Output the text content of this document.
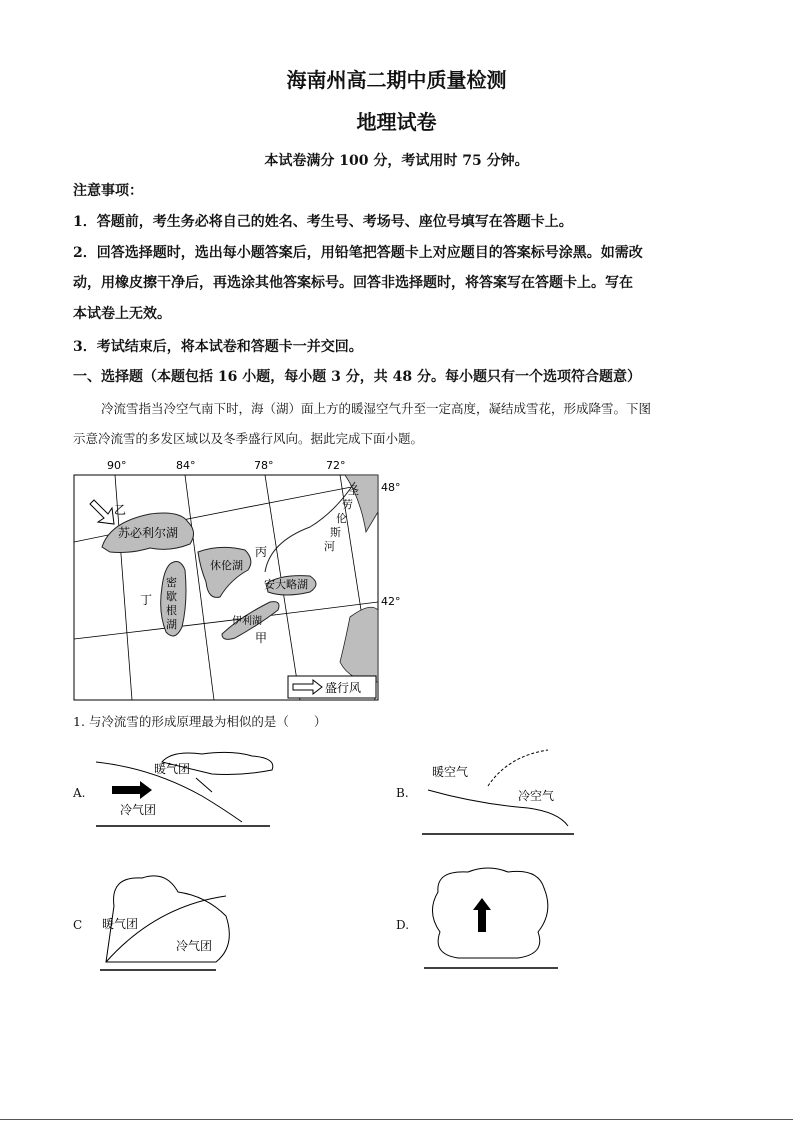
海南州高二期中质量检测
地理试卷
本试卷满分 100 分，考试用时 75 分钟。
注意事项：
1．答题前，考生务必将自己的姓名、考生号、考场号、座位号填写在答题卡上。
2．回答选择题时，选出每小题答案后，用铅笔把答题卡上对应题目的答案标号涂黑。如需改
动，用橡皮擦干净后，再选涂其他答案标号。回答非选择题时，将答案写在答题卡上。写在
本试卷上无效。
3．考试结束后，将本试卷和答题卡一并交回。
一、选择题（本题包括 16 小题，每小题 3 分，共 48 分。每小题只有一个选项符合题意）
冷流雪指当冷空气南下时，海（湖）面上方的暖湿空气升至一定高度，凝结成雪花，形成降雪。下图
示意冷流雪的多发区域以及冬季盛行风向。据此完成下面小题。
90°	84°	78°	72°
48°
42°
苏必利尔湖
乙
丙
丁
甲
休伦湖
安大略湖
伊利湖
密
歇
根
湖
圣
劳
伦
斯
河
盛行风
1. 与冷流雪的形成原理最为相似的是（　　）
A.
暖气团
冷气团
B.
暖空气
冷空气
C 暖气团
冷气团
D.
